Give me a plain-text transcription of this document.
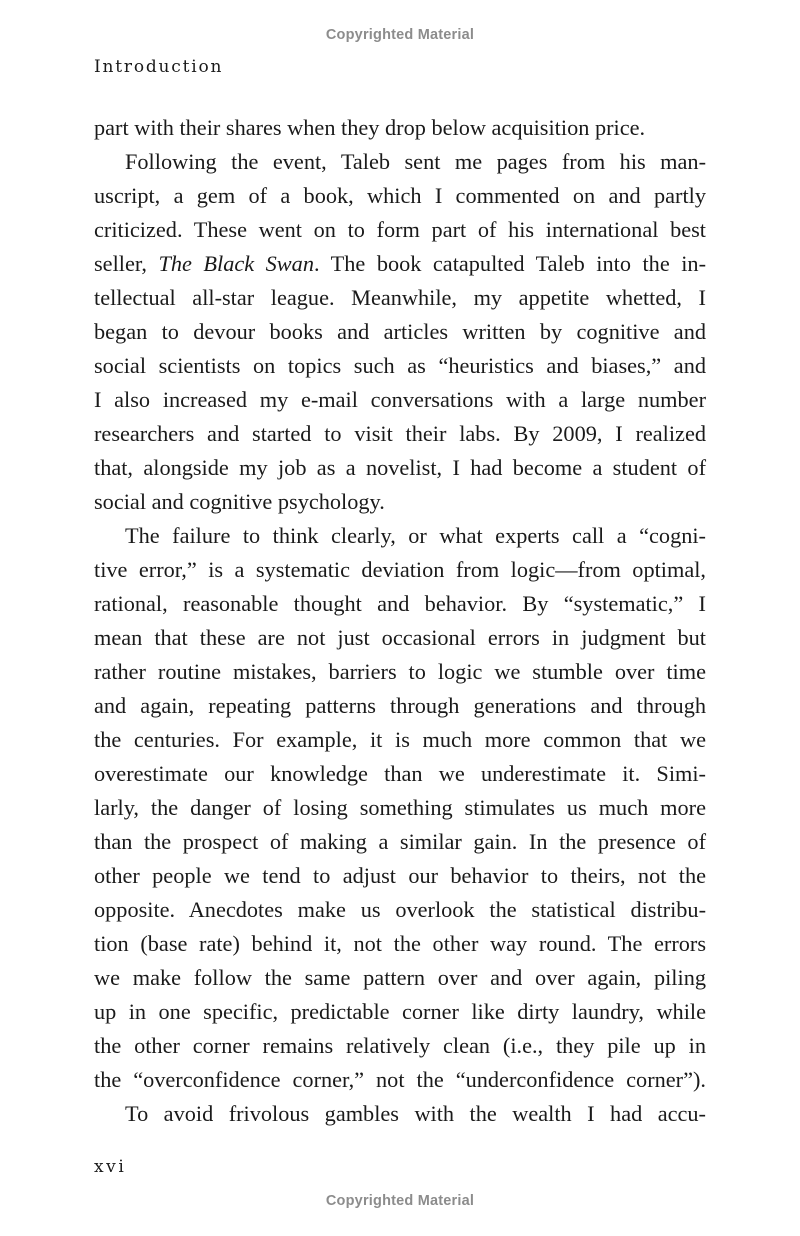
Copyrighted Material
Introduction
part with their shares when they drop below acquisition price.
Following the event, Taleb sent me pages from his man-
uscript, a gem of a book, which I commented on and partly
criticized. These went on to form part of his international best
seller, The Black Swan. The book catapulted Taleb into the in-
tellectual all-star league. Meanwhile, my appetite whetted, I
began to devour books and articles written by cognitive and
social scientists on topics such as “heuristics and biases,” and
I also increased my e-mail conversations with a large number
researchers and started to visit their labs. By 2009, I realized
that, alongside my job as a novelist, I had become a student of
social and cognitive psychology.
The failure to think clearly, or what experts call a “cogni-
tive error,” is a systematic deviation from logic—from optimal,
rational, reasonable thought and behavior. By “systematic,” I
mean that these are not just occasional errors in judgment but
rather routine mistakes, barriers to logic we stumble over time
and again, repeating patterns through generations and through
the centuries. For example, it is much more common that we
overestimate our knowledge than we underestimate it. Simi-
larly, the danger of losing something stimulates us much more
than the prospect of making a similar gain. In the presence of
other people we tend to adjust our behavior to theirs, not the
opposite. Anecdotes make us overlook the statistical distribu-
tion (base rate) behind it, not the other way round. The errors
we make follow the same pattern over and over again, piling
up in one specific, predictable corner like dirty laundry, while
the other corner remains relatively clean (i.e., they pile up in
the “overconfidence corner,” not the “underconfidence corner”).
To avoid frivolous gambles with the wealth I had accu-
xvi
Copyrighted Material
